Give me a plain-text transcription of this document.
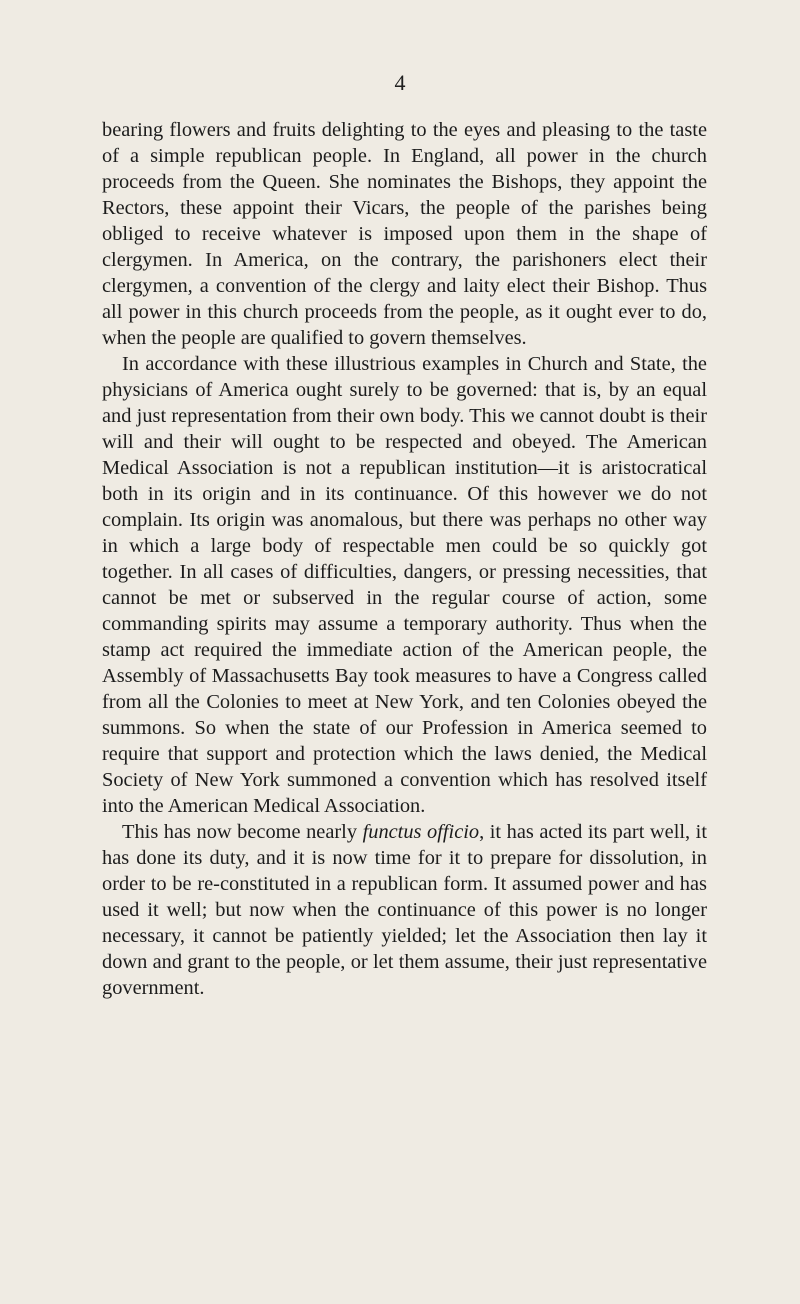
4

bearing flowers and fruits delighting to the eyes and pleasing to the taste of a simple republican people. In England, all power in the church proceeds from the Queen. She nominates the Bishops, they appoint the Rectors, these appoint their Vicars, the people of the parishes being obliged to receive whatever is imposed upon them in the shape of clergymen. In America, on the contrary, the parishoners elect their clergymen, a convention of the clergy and laity elect their Bishop. Thus all power in this church proceeds from the people, as it ought ever to do, when the people are qualified to govern themselves.

In accordance with these illustrious examples in Church and State, the physicians of America ought surely to be governed: that is, by an equal and just representation from their own body. This we cannot doubt is their will and their will ought to be respected and obeyed. The American Medical Association is not a republican institution—it is aristocratical both in its origin and in its continuance. Of this however we do not complain. Its origin was anomalous, but there was perhaps no other way in which a large body of respectable men could be so quickly got together. In all cases of difficulties, dangers, or pressing necessities, that cannot be met or subserved in the regular course of action, some commanding spirits may assume a temporary authority. Thus when the stamp act required the immediate action of the American people, the Assembly of Massachusetts Bay took measures to have a Congress called from all the Colonies to meet at New York, and ten Colonies obeyed the summons. So when the state of our Profession in America seemed to require that support and protection which the laws denied, the Medical Society of New York summoned a convention which has resolved itself into the American Medical Association.

This has now become nearly functus officio, it has acted its part well, it has done its duty, and it is now time for it to prepare for dissolution, in order to be re-constituted in a republican form. It assumed power and has used it well; but now when the continuance of this power is no longer necessary, it cannot be patiently yielded; let the Association then lay it down and grant to the people, or let them assume, their just representative government.
